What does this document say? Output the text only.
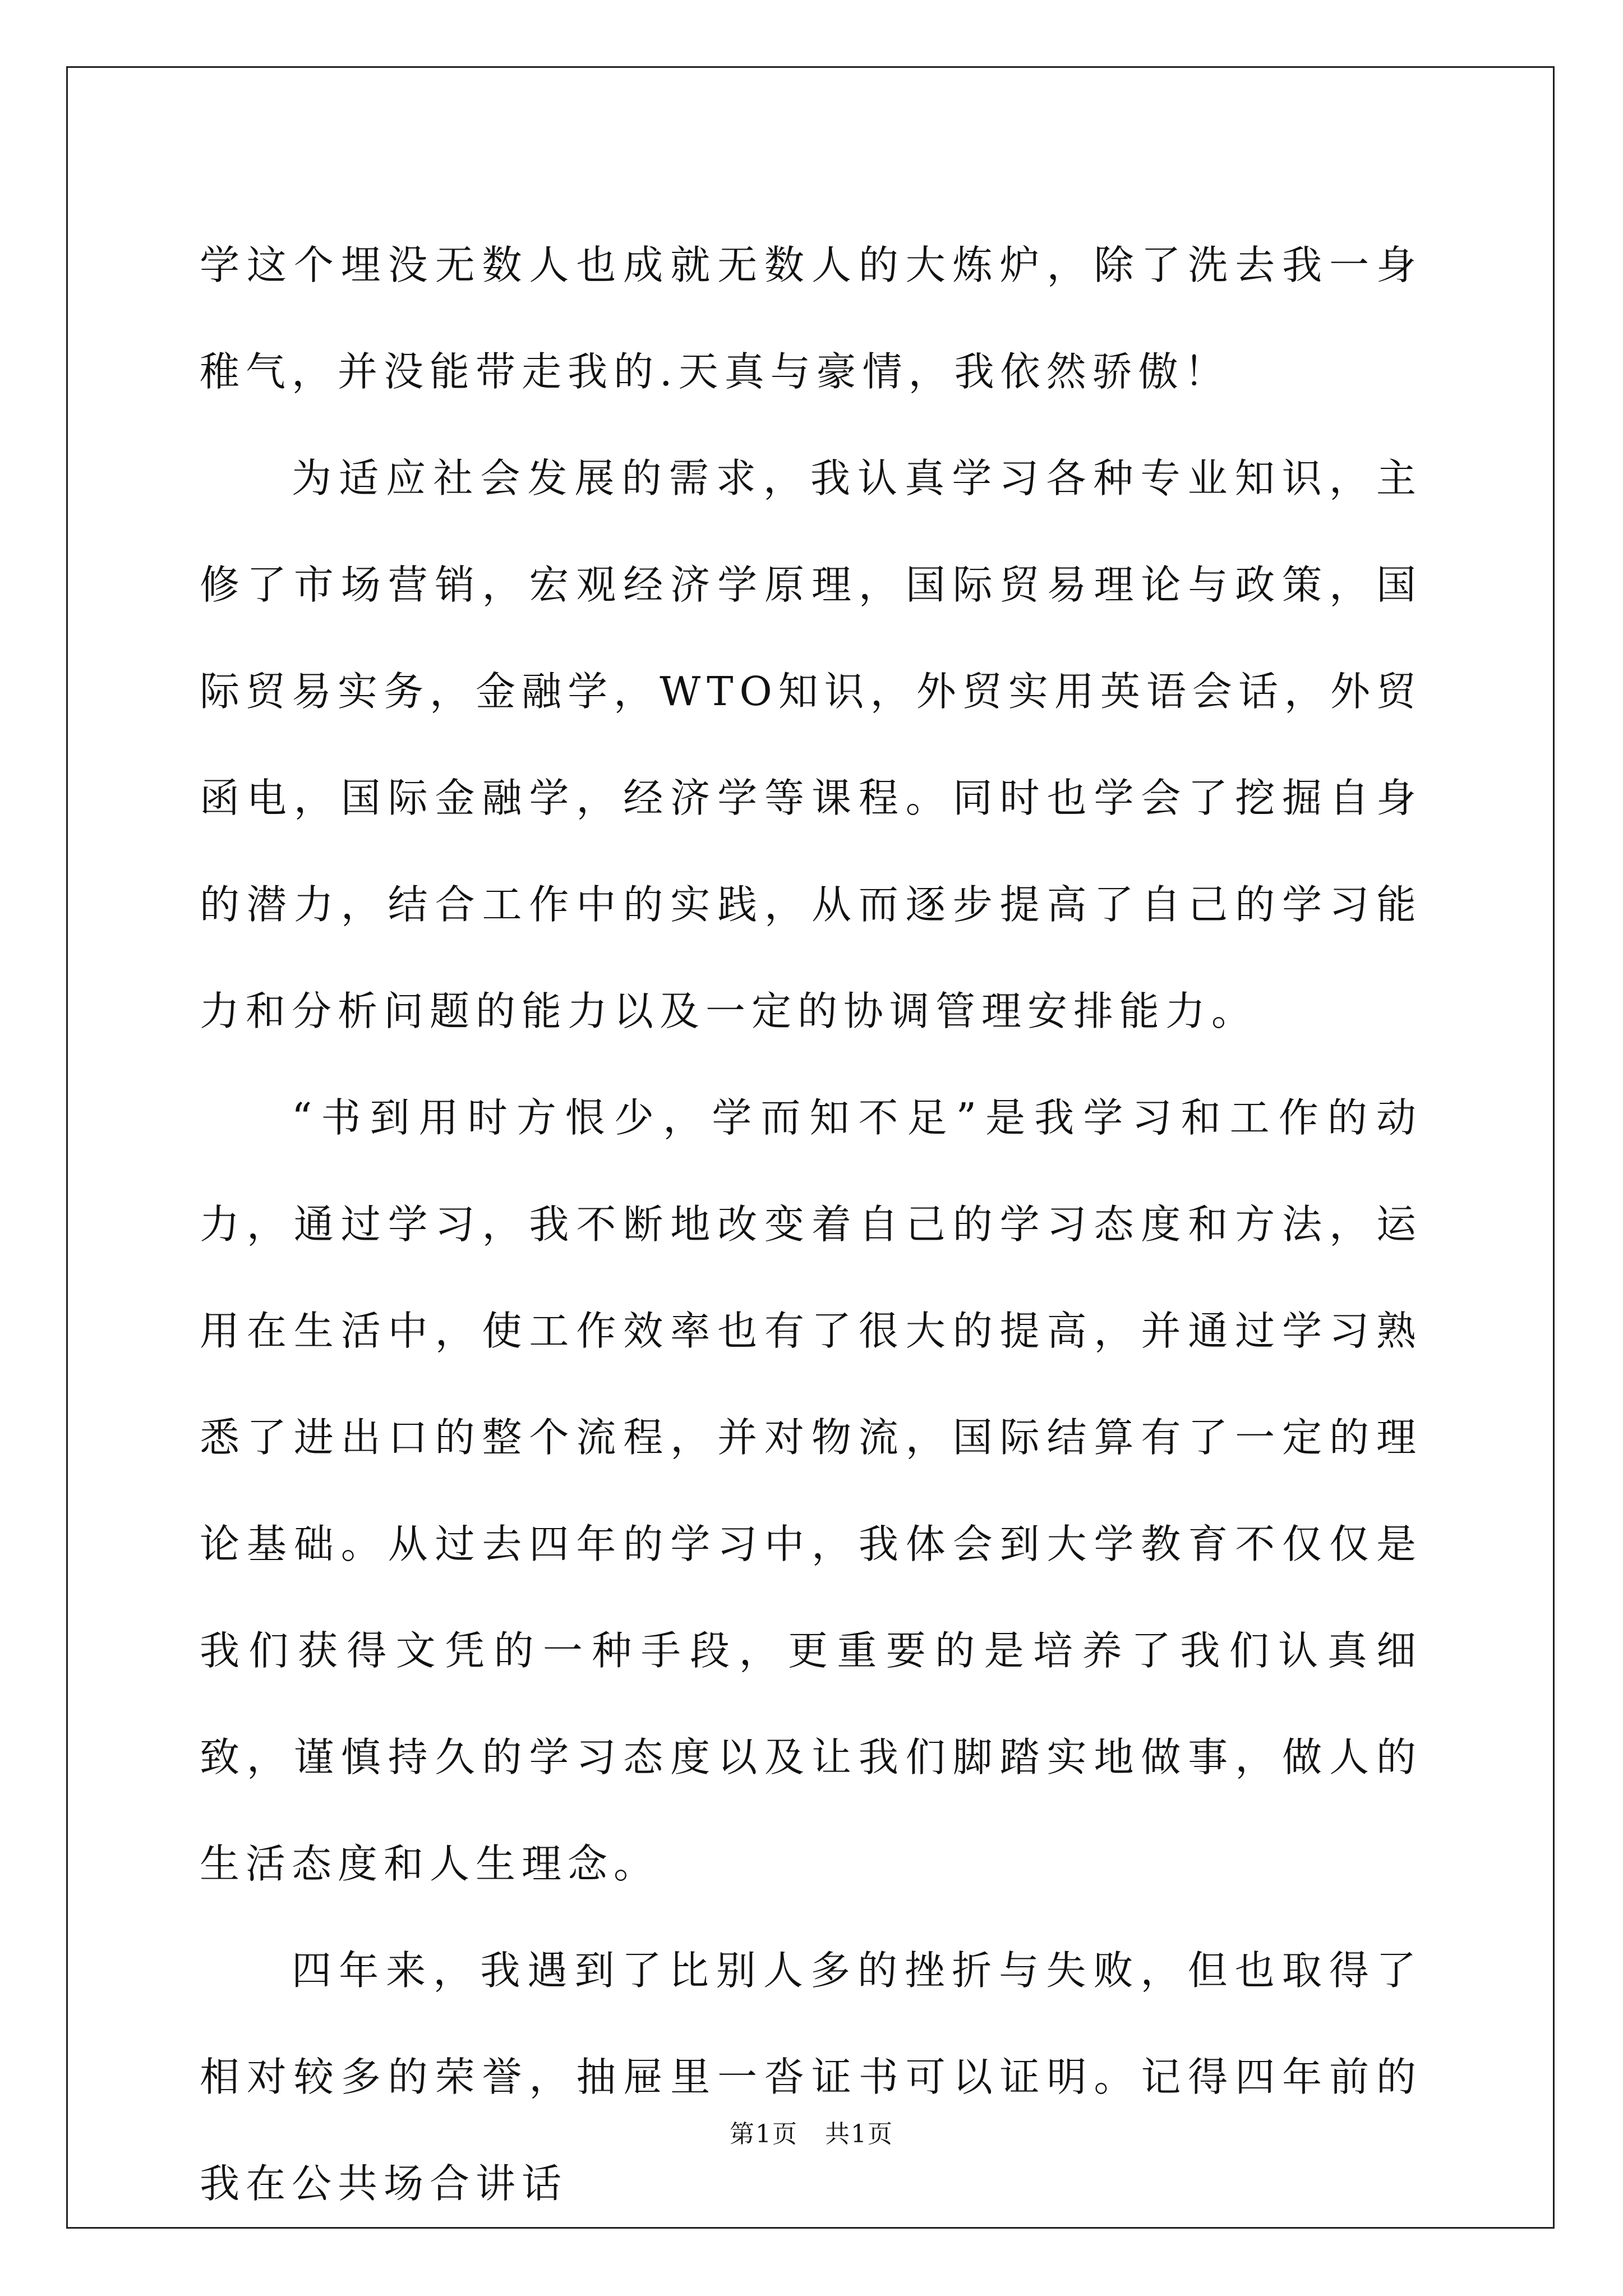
学这个埋没无数人也成就无数人的大炼炉，除了洗去我一身稚气，并没能带走我的.天真与豪情，我依然骄傲！

为适应社会发展的需求，我认真学习各种专业知识，主修了市场营销，宏观经济学原理，国际贸易理论与政策，国际贸易实务，金融学，WTO知识，外贸实用英语会话，外贸函电，国际金融学，经济学等课程。同时也学会了挖掘自身的潜力，结合工作中的实践，从而逐步提高了自己的学习能力和分析问题的能力以及一定的协调管理安排能力。

“书到用时方恨少，学而知不足”是我学习和工作的动力，通过学习，我不断地改变着自己的学习态度和方法，运用在生活中，使工作效率也有了很大的提高，并通过学习熟悉了进出口的整个流程，并对物流，国际结算有了一定的理论基础。从过去四年的学习中，我体会到大学教育不仅仅是我们获得文凭的一种手段，更重要的是培养了我们认真细致，谨慎持久的学习态度以及让我们脚踏实地做事，做人的生活态度和人生理念。

四年来，我遇到了比别人多的挫折与失败，但也取得了相对较多的荣誉，抽屉里一沓证书可以证明。记得四年前的我在公共场合讲话

第1页   共1页
